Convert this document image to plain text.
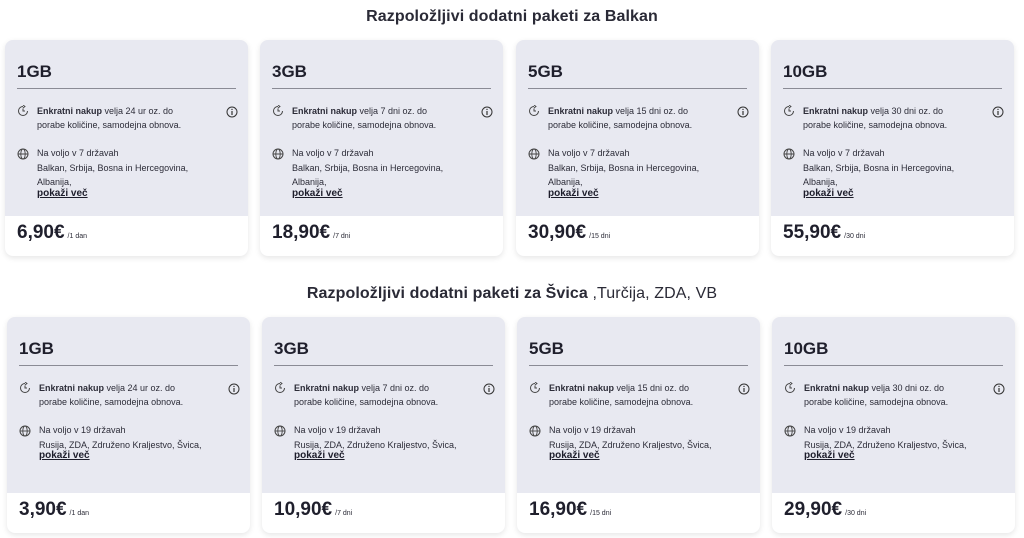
Razpoložljivi dodatni paketi za Balkan
1GB
Enkratni nakup velja 24 ur oz. do
porabe količine, samodejna obnova.
Na voljo v 7 državah
Balkan, Srbija, Bosna in Hercegovina,
Albanija,
pokaži več
6,90€ /1 dan
3GB
Enkratni nakup velja 7 dni oz. do
porabe količine, samodejna obnova.
Na voljo v 7 državah
Balkan, Srbija, Bosna in Hercegovina,
Albanija,
pokaži več
18,90€ /7 dni
5GB
Enkratni nakup velja 15 dni oz. do
porabe količine, samodejna obnova.
Na voljo v 7 državah
Balkan, Srbija, Bosna in Hercegovina,
Albanija,
pokaži več
30,90€ /15 dni
10GB
Enkratni nakup velja 30 dni oz. do
porabe količine, samodejna obnova.
Na voljo v 7 državah
Balkan, Srbija, Bosna in Hercegovina,
Albanija,
pokaži več
55,90€ /30 dni
Razpoložljivi dodatni paketi za Švica ,Turčija, ZDA, VB
1GB
Enkratni nakup velja 24 ur oz. do
porabe količine, samodejna obnova.
Na voljo v 19 državah
Rusija, ZDA, Združeno Kraljestvo, Švica,
pokaži več
3,90€ /1 dan
3GB
Enkratni nakup velja 7 dni oz. do
porabe količine, samodejna obnova.
Na voljo v 19 državah
Rusija, ZDA, Združeno Kraljestvo, Švica,
pokaži več
10,90€ /7 dni
5GB
Enkratni nakup velja 15 dni oz. do
porabe količine, samodejna obnova.
Na voljo v 19 državah
Rusija, ZDA, Združeno Kraljestvo, Švica,
pokaži več
16,90€ /15 dni
10GB
Enkratni nakup velja 30 dni oz. do
porabe količine, samodejna obnova.
Na voljo v 19 državah
Rusija, ZDA, Združeno Kraljestvo, Švica,
pokaži več
29,90€ /30 dni
